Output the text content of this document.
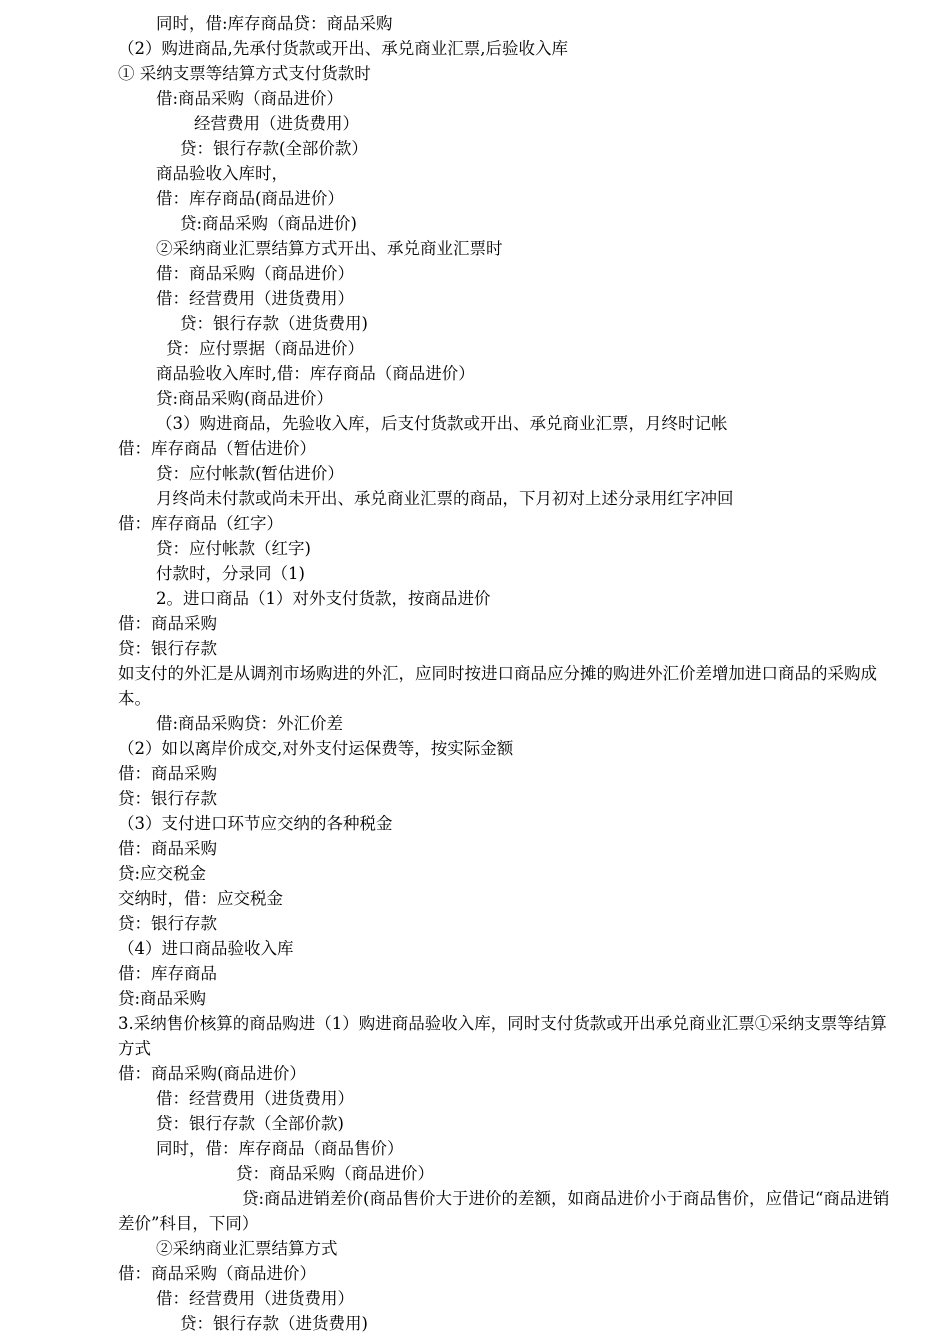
同时，借:库存商品贷：商品采购

（2）购进商品,先承付货款或开出、承兑商业汇票,后验收入库

① 采纳支票等结算方式支付货款时

借:商品采购（商品进价）

经营费用（进货费用）

贷：银行存款(全部价款）

商品验收入库时，

借：库存商品(商品进价）

贷:商品采购（商品进价)

②采纳商业汇票结算方式开出、承兑商业汇票时

借：商品采购（商品进价）

借：经营费用（进货费用）

贷：银行存款（进货费用)

贷：应付票据（商品进价）

商品验收入库时,借：库存商品（商品进价）

贷:商品采购(商品进价）

（3）购进商品，先验收入库，后支付货款或开出、承兑商业汇票，月终时记帐

借：库存商品（暂估进价）

贷：应付帐款(暂估进价）

月终尚未付款或尚未开出、承兑商业汇票的商品，下月初对上述分录用红字冲回

借：库存商品（红字）

贷：应付帐款（红字)

付款时，分录同（1)

2。进口商品（1）对外支付货款，按商品进价

借：商品采购

贷：银行存款

如支付的外汇是从调剂市场购进的外汇，应同时按进口商品应分摊的购进外汇价差增加进口商品的采购成本。

借:商品采购贷：外汇价差

（2）如以离岸价成交,对外支付运保费等，按实际金额

借：商品采购

贷：银行存款

（3）支付进口环节应交纳的各种税金

借：商品采购

贷:应交税金

交纳时，借：应交税金

贷：银行存款

（4）进口商品验收入库

借：库存商品

贷:商品采购

3.采纳售价核算的商品购进（1）购进商品验收入库，同时支付货款或开出承兑商业汇票①采纳支票等结算方式

借：商品采购(商品进价）

借：经营费用（进货费用）

贷：银行存款（全部价款)

同时，借：库存商品（商品售价）

贷：商品采购（商品进价）

贷:商品进销差价(商品售价大于进价的差额，如商品进价小于商品售价，应借记“商品进销差价”科目，下同）

②采纳商业汇票结算方式

借：商品采购（商品进价）

借：经营费用（进货费用）

贷：银行存款（进货费用)
